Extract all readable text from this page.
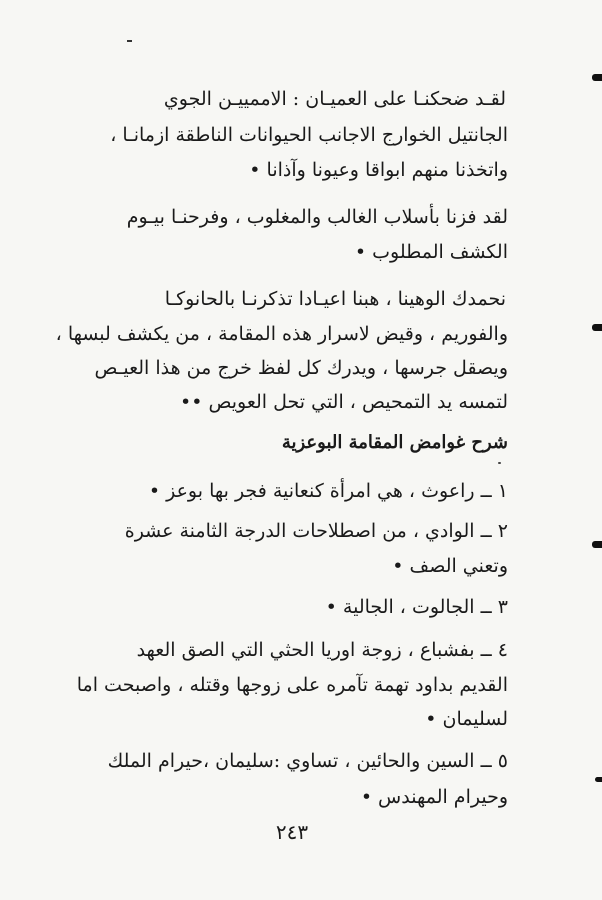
لقـد ضحكنـا على العميـان : الاممييـن الجوي
الجانتيل الخوارج الاجانب الحيوانات الناطقة ازمانـا ،
واتخذنا منهم ابواقا وعيونا وآذانا •
لقد فزنا بأسلاب الغالب والمغلوب ، وفرحنـا بيـوم
الكشف المطلوب •
نحمدك الوهينا ، هبنا اعيـادا تذكرنـا بالحانوكـا
والفوريم ، وقيض لاسرار هذه المقامة ، من يكشف لبسها ،
ويصقل جرسها ، ويدرك كل لفظ خرج من هذا العيـص
لتمسه يد التمحيص ، التي تحل العويص ••
شرح غوامض المقامة البوعزية
١ ــ راعوث ، هي امرأة كنعانية فجر بها بوعز •
٢ ــ الوادي ، من اصطلاحات الدرجة الثامنة عشرة
وتعني الصف •
٣ ــ الجالوت ، الجالية •
٤ ــ بفشباع ، زوجة اوريا الحثي التي الصق العهد
القديم بداود تهمة تآمره على زوجها وقتله ، واصبحت اما
لسليمان •
٥ ــ السين والحائين ، تساوي :سليمان ،حيرام الملك
وحيرام المهندس •
٢٤٣
